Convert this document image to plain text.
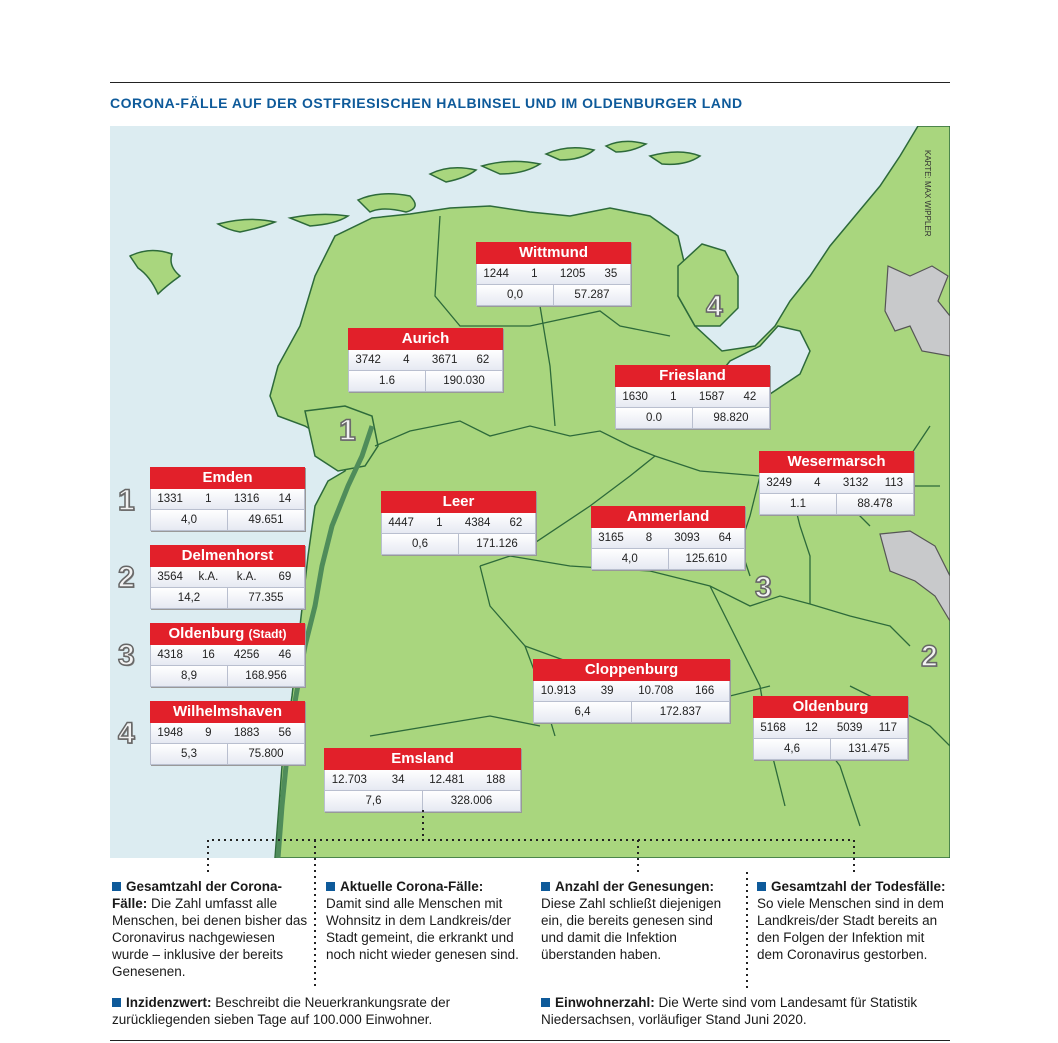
CORONA-FÄLLE AUF DER OSTFRIESISCHEN HALBINSEL UND IM OLDENBURGER LAND
KARTE: MAX WIPPLER
Wittmund
1244	1	1205	35
0,0	57.287
Aurich
3742	4	3671	62
1.6	190.030	Friesland
1630	1	1587	42
0.0	98.820
Wesermarsch
3249	4	3132	113
1.1	88.478
Leer
4447	1	4384	62
0,6	171.126
Ammerland
3165	8	3093	64
4,0	125.610
Cloppenburg
10.913	39	10.708	166
6,4	172.837	Oldenburg
5168	12	5039	117
4,6	131.475
Emsland
12.703	34	12.481	188
7,6	328.006
1
Emden
1331	1	1316	14
4,0	49.651
2
Delmenhorst
3564	k.A.	k.A.	69
14,2	77.355
3
Oldenburg (Stadt)
4318	16	4256	46
8,9	168.956
4
Wilhelmshaven
1948	9	1883	56
5,3	75.800
1
4
3
2
Gesamtzahl der Corona-Fälle: Die Zahl umfasst alle Menschen, bei denen bisher das Coronavirus nachgewiesen wurde – inklusive der bereits Genesenen.
Aktuelle Corona-Fälle: Damit sind alle Menschen mit Wohnsitz in dem Landkreis/der Stadt gemeint, die erkrankt und noch nicht wieder genesen sind.
Anzahl der Genesungen: Diese Zahl schließt diejenigen ein, die bereits genesen sind und damit die Infektion überstanden haben.
Gesamtzahl der Todesfälle: So viele Menschen sind in dem Landkreis/der Stadt bereits an den Folgen der Infektion mit dem Coronavirus gestorben.
Inzidenzwert: Beschreibt die Neuerkrankungsrate der zurückliegenden sieben Tage auf 100.000 Einwohner.
Einwohnerzahl: Die Werte sind vom Landesamt für Statistik Niedersachsen, vorläufiger Stand Juni 2020.
